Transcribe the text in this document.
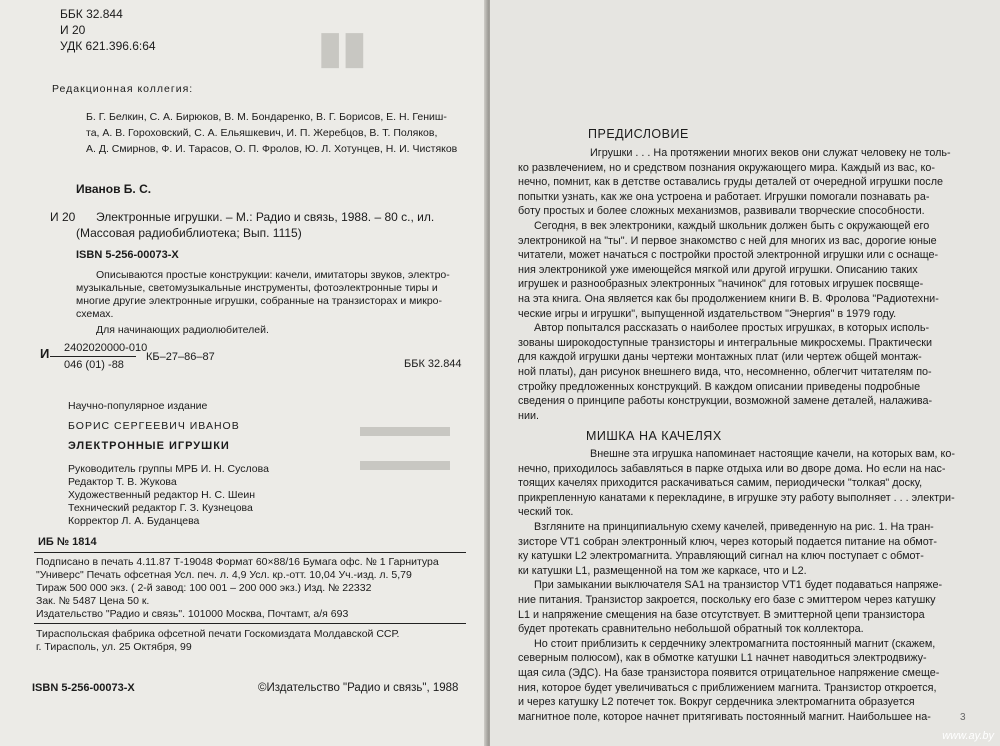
▮▮
▬▬▬
▬▬▬
ББК 32.844
И 20
УДК 621.396.6:64
Редакционная коллегия:
Б. Г. Белкин, С. А. Бирюков, В. М. Бондаренко, В. Г. Борисов, Е. Н. Гениш-
та, А. В. Гороховский, С. А. Ельяшкевич, И. П. Жеребцов, В. Т. Поляков,
А. Д. Смирнов, Ф. И. Тарасов, О. П. Фролов, Ю. Л. Хотунцев, Н. И. Чистяков
Иванов Б. С.
И 20 Электронные игрушки. – М.: Радио и связь, 1988. – 80 с., ил.
(Массовая радиобиблиотека; Вып. 1115)
ISBN 5-256-00073-X
Описываются простые конструкции: качели, имитаторы звуков, электро-
музыкальные, светомузыкальные инструменты, фотоэлектронные тиры и
многие другие электронные игрушки, собранные на транзисторах и микро-
схемах.
Для начинающих радиолюбителей.
И 2402020000-010
046 (01) -88
КБ–27–86–87
ББК 32.844
Научно-популярное издание
БОРИС СЕРГЕЕВИЧ ИВАНОВ
ЭЛЕКТРОННЫЕ ИГРУШКИ
Руководитель группы МРБ И. Н. Суслова
Редактор Т. В. Жукова
Художественный редактор Н. С. Шеин
Технический редактор Г. З. Кузнецова
Корректор Л. А. Буданцева
ИБ № 1814
Подписано в печать 4.11.87 Т-19048 Формат 60×88/16 Бумага офс. № 1 Гарнитура
"Универс" Печать офсетная Усл. печ. л. 4,9 Усл. кр.-отт. 10,04 Уч.-изд. л. 5,79
Тираж 500 000 экз. ( 2-й завод: 100 001 – 200 000 экз.) Изд. № 22332
Зак. № 5487 Цена 50 к.
Издательство "Радио и связь". 101000 Москва, Почтамт, а/я 693
Тираспольская фабрика офсетной печати Госкомиздата Молдавской ССР.
г. Тирасполь, ул. 25 Октября, 99
ISBN 5-256-00073-X	©Издательство "Радио и связь", 1988
ПРЕДИСЛОВИЕ
Игрушки . . . На протяжении многих веков они служат человеку не толь-
ко развлечением, но и средством познания окружающего мира. Каждый из вас, ко-
нечно, помнит, как в детстве оставались груды деталей от очередной игрушки после
попытки узнать, как же она устроена и работает. Игрушки помогали познавать ра-
боту простых и более сложных механизмов, развивали творческие способности.
Сегодня, в век электроники, каждый школьник должен быть с окружающей его
электроникой на "ты". И первое знакомство с ней для многих из вас, дорогие юные
читатели, может начаться с постройки простой электронной игрушки или с оснаще-
ния электроникой уже имеющейся мягкой или другой игрушки. Описанию таких
игрушек и разнообразных электронных "начинок" для готовых игрушек посвяще-
на эта книга. Она является как бы продолжением книги В. В. Фролова "Радиотехни-
ческие игры и игрушки", выпущенной издательством "Энергия" в 1979 году.
Автор попытался рассказать о наиболее простых игрушках, в которых исполь-
зованы широкодоступные транзисторы и интегральные микросхемы. Практически
для каждой игрушки даны чертежи монтажных плат (или чертеж общей монтаж-
ной платы), дан рисунок внешнего вида, что, несомненно, облегчит читателям по-
стройку предложенных конструкций. В каждом описании приведены подробные
сведения о принципе работы конструкции, возможной замене деталей, налажива-
нии.
МИШКА НА КАЧЕЛЯХ
Внешне эта игрушка напоминает настоящие качели, на которых вам, ко-
нечно, приходилось забавляться в парке отдыха или во дворе дома. Но если на нас-
тоящих качелях приходится раскачиваться самим, периодически "толкая" доску,
прикрепленную канатами к перекладине, в игрушке эту работу выполняет . . . электри-
ческий ток.
Взгляните на принципиальную схему качелей, приведенную на рис. 1. На тран-
зисторе VT1 собран электронный ключ, через который подается питание на обмот-
ку катушки L2 электромагнита. Управляющий сигнал на ключ поступает с обмот-
ки катушки L1, размещенной на том же каркасе, что и L2.
При замыкании выключателя SA1 на транзистор VT1 будет подаваться напряже-
ние питания. Транзистор закроется, поскольку его базе с эмиттером через катушку
L1 и напряжение смещения на базе отсутствует. В эмиттерной цепи транзистора
будет протекать сравнительно небольшой обратный ток коллектора.
Но стоит приблизить к сердечнику электромагнита постоянный магнит (скажем,
северным полюсом), как в обмотке катушки L1 начнет наводиться электродвижу-
щая сила (ЭДС). На базе транзистора появится отрицательное напряжение смеще-
ния, которое будет увеличиваться с приближением магнита. Транзистор откроется,
и через катушку L2 потечет ток. Вокруг сердечника электромагнита образуется
магнитное поле, которое начнет притягивать постоянный магнит. Наибольшее на-	3
www.ay.by
